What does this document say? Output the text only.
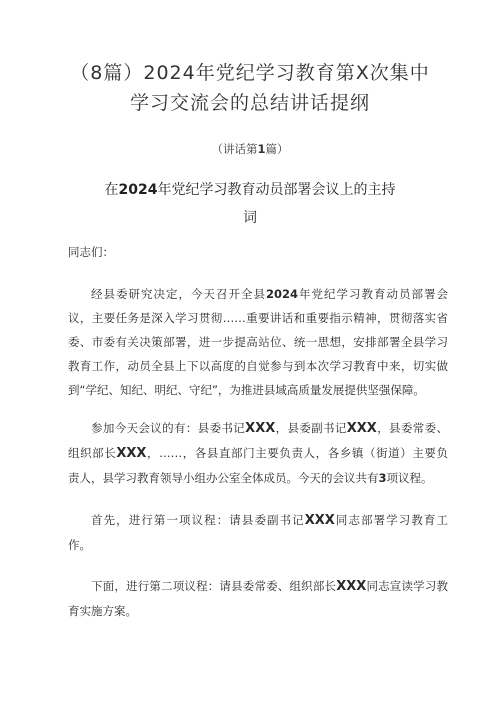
（8篇）2024年党纪学习教育第X次集中
学习交流会的总结讲话提纲
（讲话第1篇）
在2024年党纪学习教育动员部署会议上的主持
词
同志们：
经县委研究决定，今天召开全县2024年党纪学习教育动员部署会
议，主要任务是深入学习贯彻……重要讲话和重要指示精神，贯彻落实省
委、市委有关决策部署，进一步提高站位、统一思想，安排部署全县学习
教育工作，动员全县上下以高度的自觉参与到本次学习教育中来，切实做
到“学纪、知纪、明纪、守纪”，为推进县域高质量发展提供坚强保障。
参加今天会议的有：县委书记XXX，县委副书记XXX，县委常委、
组织部长XXX，……，各县直部门主要负责人，各乡镇（街道）主要负
责人，县学习教育领导小组办公室全体成员。今天的会议共有3项议程。
首先，进行第一项议程：请县委副书记XXX同志部署学习教育工
作。
下面，进行第二项议程：请县委常委、组织部长XXX同志宣读学习教
育实施方案。
